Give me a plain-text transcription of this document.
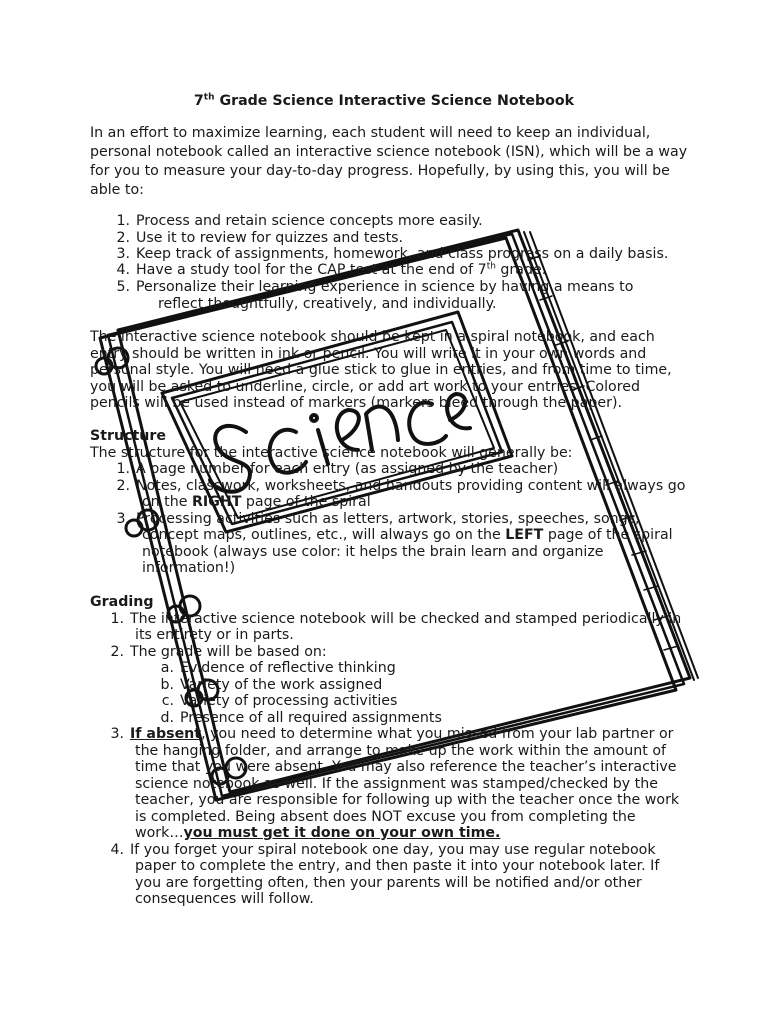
7th Grade Science Interactive Science Notebook
In an effort to maximize learning, each student will need to keep an individual, personal notebook called an interactive science notebook (ISN), which will be a way for you to measure your day-to-day progress. Hopefully, by using this, you will be able to:
1. Process and retain science concepts more easily.
2. Use it to review for quizzes and tests.
3. Keep track of assignments, homework, and class progress on a daily basis.
4. Have a study tool for the CAP test at the end of 7th grade.
5. Personalize their learning experience in science by having a means to
reflect thoughtfully, creatively, and individually.
The interactive science notebook should be kept in a spiral notebook, and each
entry should be written in ink or pencil. You will write it in your own words and
personal style. You will need a glue stick to glue in entries, and from time to time,
you will be asked to underline, circle, or add art work to your entries. Colored
pencils will be used instead of markers (markers bleed through the paper).
Structure
The structure for the interactive science notebook will generally be:
1. A page number for each entry (as assigned by the teacher)
2. Notes, classwork, worksheets, and handouts providing content will always go
on the RIGHT page of the spiral
3. Processing activities such as letters, artwork, stories, speeches, songs,
concept maps, outlines, etc., will always go on the LEFT page of the spiral
notebook (always use color: it helps the brain learn and organize
information!)
Grading
1. The interactive science notebook will be checked and stamped periodically in
its entirety or in parts.
2. The grade will be based on:
a. Evidence of reflective thinking
b. Variety of the work assigned
c. Variety of processing activities
d. Presence of all required assignments
3. If absent, you need to determine what you missed from your lab partner or
the hanging folder, and arrange to make up the work within the amount of
time that you were absent. You may also reference the teacher’s interactive
science notebook as well. If the assignment was stamped/checked by the
teacher, you are responsible for following up with the teacher once the work
is completed. Being absent does NOT excuse you from completing the
work…you must get it done on your own time.
4. If you forget your spiral notebook one day, you may use regular notebook
paper to complete the entry, and then paste it into your notebook later. If
you are forgetting often, then your parents will be notified and/or other
consequences will follow.
